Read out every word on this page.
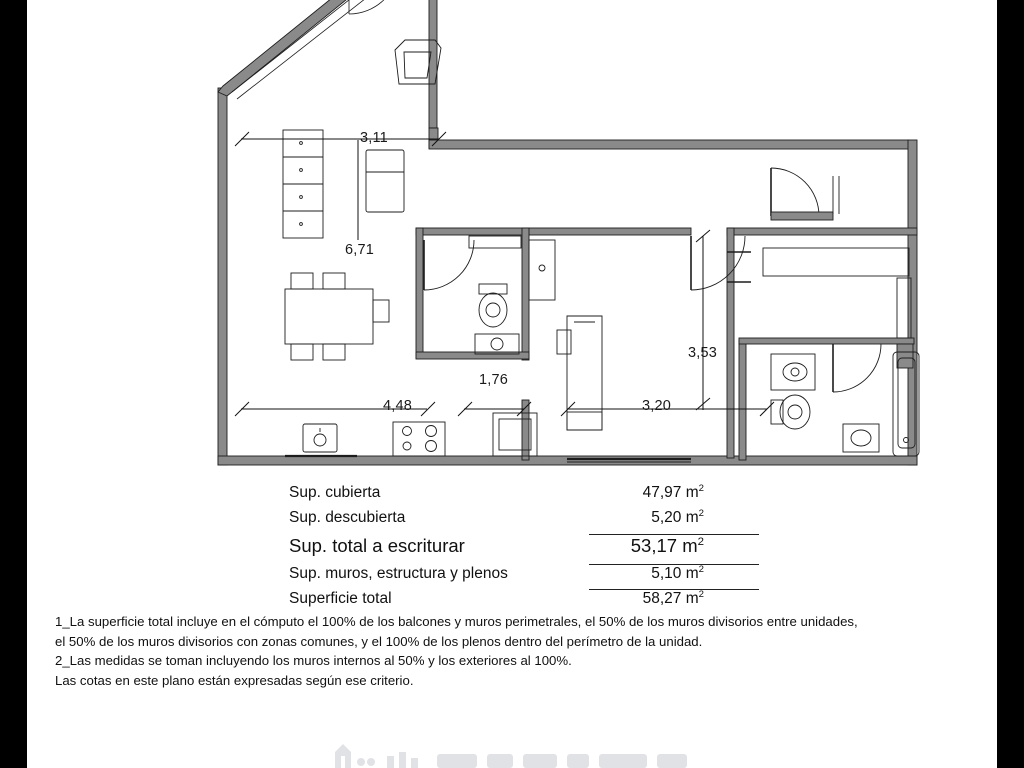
3,11
6,71
1,76
4,48	3,20
3,53
Sup. cubierta	47,97 $m^2$
Sup. descubierta	5,20 $m^2$
Sup. total a escriturar	53,17 $m^2$
Sup. muros, estructura y plenos	5,10 $m^2$
Superficie total	58,27 $m^2$
1_La superficie total incluye en el cómputo el 100% de los balcones y muros perimetrales, el 50% de los muros divisorios entre unidades,
el 50% de los muros divisorios con zonas comunes, y el 100% de los plenos dentro del perímetro de la unidad.
2_Las medidas se toman incluyendo los muros internos al 50% y los exteriores al 100%.
Las cotas en este plano están expresadas según ese criterio.
